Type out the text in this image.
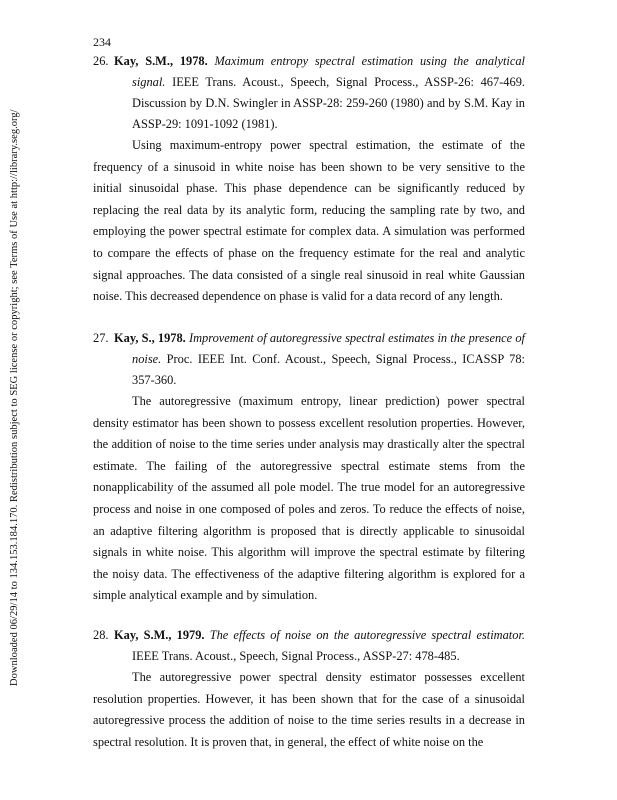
234
Downloaded 06/29/14 to 134.153.184.170. Redistribution subject to SEG license or copyright; see Terms of Use at http://library.seg.org/
26. Kay, S.M., 1978. Maximum entropy spectral estimation using the analytical signal. IEEE Trans. Acoust., Speech, Signal Process., ASSP-26: 467-469. Discussion by D.N. Swingler in ASSP-28: 259-260 (1980) and by S.M. Kay in ASSP-29: 1091-1092 (1981).

Using maximum-entropy power spectral estimation, the estimate of the frequency of a sinusoid in white noise has been shown to be very sensitive to the initial sinusoidal phase. This phase dependence can be significantly reduced by replacing the real data by its analytic form, reducing the sampling rate by two, and employing the power spectral estimate for complex data. A simulation was performed to compare the effects of phase on the frequency estimate for the real and analytic signal approaches. The data consisted of a single real sinusoid in real white Gaussian noise. This decreased dependence on phase is valid for a data record of any length.

27. Kay, S., 1978. Improvement of autoregressive spectral estimates in the presence of noise. Proc. IEEE Int. Conf. Acoust., Speech, Signal Process., ICASSP 78: 357-360.

The autoregressive (maximum entropy, linear prediction) power spectral density estimator has been shown to possess excellent resolution properties. However, the addition of noise to the time series under analysis may drastically alter the spectral estimate. The failing of the autoregressive spectral estimate stems from the nonapplicability of the assumed all pole model. The true model for an autoregressive process and noise in one composed of poles and zeros. To reduce the effects of noise, an adaptive filtering algorithm is proposed that is directly applicable to sinusoidal signals in white noise. This algorithm will improve the spectral estimate by filtering the noisy data. The effectiveness of the adaptive filtering algorithm is explored for a simple analytical example and by simulation.

28. Kay, S.M., 1979. The effects of noise on the autoregressive spectral estimator. IEEE Trans. Acoust., Speech, Signal Process., ASSP-27: 478-485.

The autoregressive power spectral density estimator possesses excellent resolution properties. However, it has been shown that for the case of a sinusoidal autoregressive process the addition of noise to the time series results in a decrease in spectral resolution. It is proven that, in general, the effect of white noise on the
